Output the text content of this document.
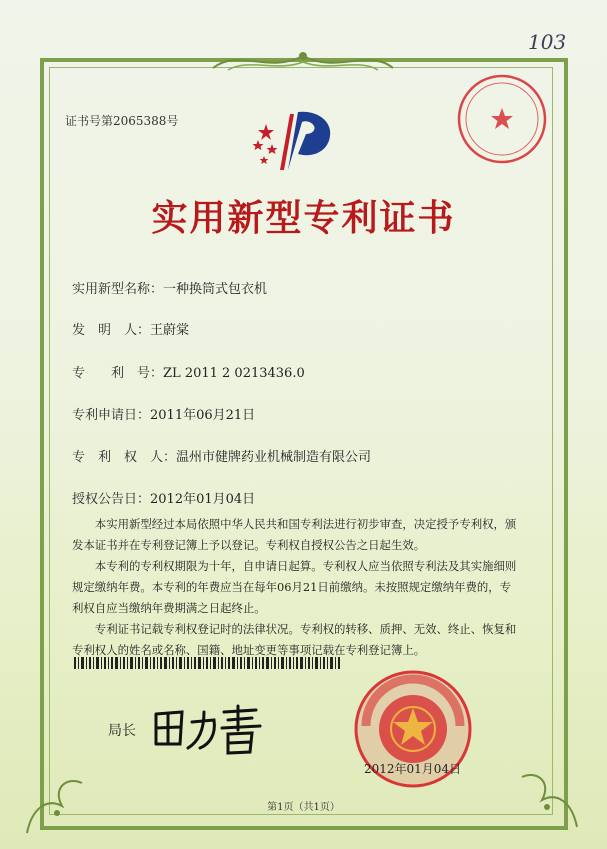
103
证书号第2065388号
实用新型专利证书
实用新型名称：一种换筒式包衣机
发　明　人：王蔚棠
专　　利　号：ZL 2011 2 0213436.0
专利申请日：2011年06月21日
专　利　权　人：温州市健牌药业机械制造有限公司
授权公告日：2012年01月04日

本实用新型经过本局依照中华人民共和国专利法进行初步审查，决定授予专利权，颁发本证书并在专利登记簿上予以登记。专利权自授权公告之日起生效。

本专利的专利权期限为十年，自申请日起算。专利权人应当依照专利法及其实施细则规定缴纳年费。本专利的年费应当在每年06月21日前缴纳。未按照规定缴纳年费的，专利权自应当缴纳年费期满之日起终止。

专利证书记载专利权登记时的法律状况。专利权的转移、质押、无效、终止、恢复和专利权人的姓名或名称、国籍、地址变更等事项记载在专利登记簿上。

局长
2012年01月04日
第1页（共1页）
